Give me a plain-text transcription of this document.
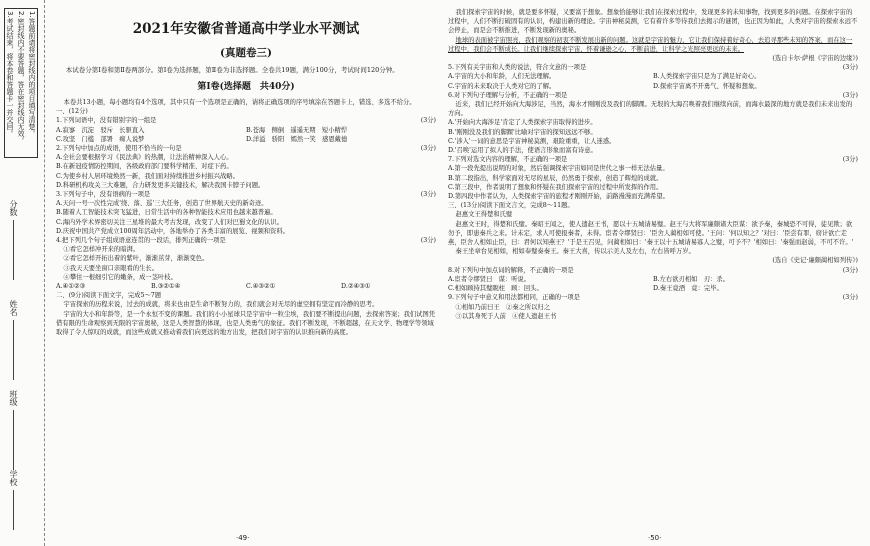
1.答题前请将密封线内的项目填写清楚。
2.密封线内不要答题，答在密封线内无效。
3.考试结束，将本卷和答题卡一并交回。
分数
姓名
班级
学校
2021年安徽省普通高中学业水平测试
(真题卷三)
本试卷分第Ⅰ卷和第Ⅱ卷两部分。第Ⅰ卷为选择题，第Ⅱ卷为非选择题。全卷共19题，满分100分，考试时间120分钟。
第Ⅰ卷(选择题　共40分)

本卷共13小题，每小题均有4个选项，其中只有一个选项是正确的，请将正确选项的序号填涂在答题卡上，错选、多选不给分。

一、(12分)

1.下列词语中，没有错别字的一组是	(3分)

A.寂寥　沉淀　驳斥　长驱直入	B.苍海　侧倒　遥遥无期　短小精悍
C.攻坚　门槛　部署　痴人说梦	D.洋溢　骄阳　嫣然一笑　感恩戴德

2.下列句中加点的成语，使用不恰当的一句是	(3分)

A.全社会要根据学习《民法典》的热潮，让法治精神深入人心。

B.在新冠疫情防控期间，各级政府部门要科学精准、对症下药。

C.为使乡村人居环境焕然一新，我们面对持续推进乡村振兴战略。

D.科研机构攻关三大难题，合力研发更多关键技术，解决我国卡脖子问题。

3.下列句子中，没有语病的一项是	(3分)

A.天问一号一次性完成'绕、落、巡'三大任务，创造了世界航天史的新奇迹。

B.随着人工智能技术突飞猛进，日常生活中的各种智能技术应用也越来越普遍。

C.海内外学术界密切关注三星堆的最大考古发现，改变了人们对巴蜀文化的认识。

D.庆祝中国共产党成立100周年活动中，各地举办了各类丰富的展览、视频和资料。

4.把下列几个句子组成语意连贯的一段话，排列正确的一项是	(3分)

①看它怎样冲开来的暗湃。

②看它怎样开拓出着的紫叶，渐渐茁芽，渐渐变色。

③我天天要坐窗口亲眼看的生长。

④攀住一根细引它的嫩条，成一茎叶枝。

A.④①②③	B.③②①④	C.④③②①	D.②④③①

二、(9分)阅读下面文字，完成5～7题

宇宙探索的历程来说，过去的成就，将来也由是生命不断努力的，我们就会对无尽的虚空拥有坚定而冷静的思考。

宇宙的大小和年龄等，是一个永恒不变的课题。我们的小小星球只是宇宙中一粒尘埃，我们要不断提出问题，去探索答案；我们试图凭借有限的生命观察到无限的宇宙奥秘，这是人类智慧的体现，也是人类勇气的象征。我们不断发现，不断超越，在天文学、物理学等领域取得了令人惊叹的成就，而这些成就又推动着我们向更远的地方出发，把我们对宇宙的认识推向新的高度。

·49·

我们探索宇宙的时候，就是要多怀疑，又要富于想象。想象恰能够让我们在探索过程中，发现更多的未知事物，找到更多的问题。在探索宇宙的过程中，人们不断打破固有的认识，构建出新的理论。宇宙神秘莫测，它有着许多等待我们去揭示的谜团，也正因为如此，人类对宇宙的探索永远不会停止，而是会不断推进，不断发现新的奥秘。

地球的表面被宇宙照亮，我们观察的初衷不断发展出新的问题。这就是宇宙的魅力，它让我们保持着好奇心，去追寻那些未知的答案，而在这一过程中，我们会不断成长。让我们继续探索宇宙，怀着谦逊之心，不断前进，让科学之光照亮更远的未来。

(选自卡尔·萨根《宇宙的边缘》)

5.下列有关宇宙和人类的说法，符合文意的一项是	(3分)

A.宇宙的大小和年龄，人们无法理解。	B.人类探索宇宙只是为了满足好奇心。
C.宇宙的未来取决于人类对它的了解。	D.探索宇宙离不开勇气、怀疑和想象。

6.对下列句子理解与分析，不正确的一项是	(3分)

近来，我们已经开始向大海涉足，当然，海水才刚刚没及我们的脚踝。无垠的大海召唤着我们继续向前，而海水最深的地方就是我们未来出发的方向。

A.'开始向大海涉足'肯定了人类探索宇宙取得的进步。

B.'刚刚没及我们的脚踝'比喻对宇宙的探知远远不够。

C.'涉入'一词的意思是宇宙神秘莫测，艰险重重，让人迷惑。

D.'召唤'运用了拟人的手法，使语言形象而富有诗意。

7.下列对选文内容的理解，不正确的一项是	(3分)

A.第一段先提出说明的对象，然后强调探索宇宙如同是世代之事一样无法估量。

B.第二段指出，科学家面对无尽的星辰，仍然勇于探索，创造了辉煌的成就。

C.第三段中，作者说明了想象和怀疑在我们探索宇宙的过程中所发挥的作用。

D.第四段中作者认为，人类探索宇宙的旅程才刚刚开始，前路漫漫而充满希望。

三、(13分)阅读下面文言文，完成8～11题。

赵惠文王得楚和氏璧

赵惠文王时，得楚和氏璧。秦昭王闻之，使人遗赵王书，愿以十五城请易璧。赵王与大将军廉颇诸大臣谋：欲予秦，秦城恐不可得，徒见欺；欲勿予，即患秦兵之来。计未定，求人可使报秦者，未得。宦者令缪贤曰：'臣舍人蔺相如可使。'王问：'何以知之？'对曰：'臣尝有罪，窃计欲亡走燕，臣舍人相如止臣，曰：君何以知燕王？'于是王召见，问蔺相如曰：'秦王以十五城请易寡人之璧，可予不？'相如曰：'秦强而赵弱，不可不许。'

秦王坐章台见相如，相如奉璧奏秦王。秦王大喜，传以示美人及左右，左右皆呼万岁。

(选自《史记·廉颇蔺相如列传》)

8.对下列句中加点词的解释，不正确的一项是	(3分)

A.宦者令缪贤曰　谋：听说。	B.左右欲刃相如　刃：杀。
C.相如顾持其璧睨柱　顾：回头。	D.秦王竟酒　竟：完毕。

9.下列句子中意义和用法都相同，正确的一项是	(3分)

①相如乃前曰王　②秦之所以归之

③以其身死于人前　④使人遗赵王书

·50·
